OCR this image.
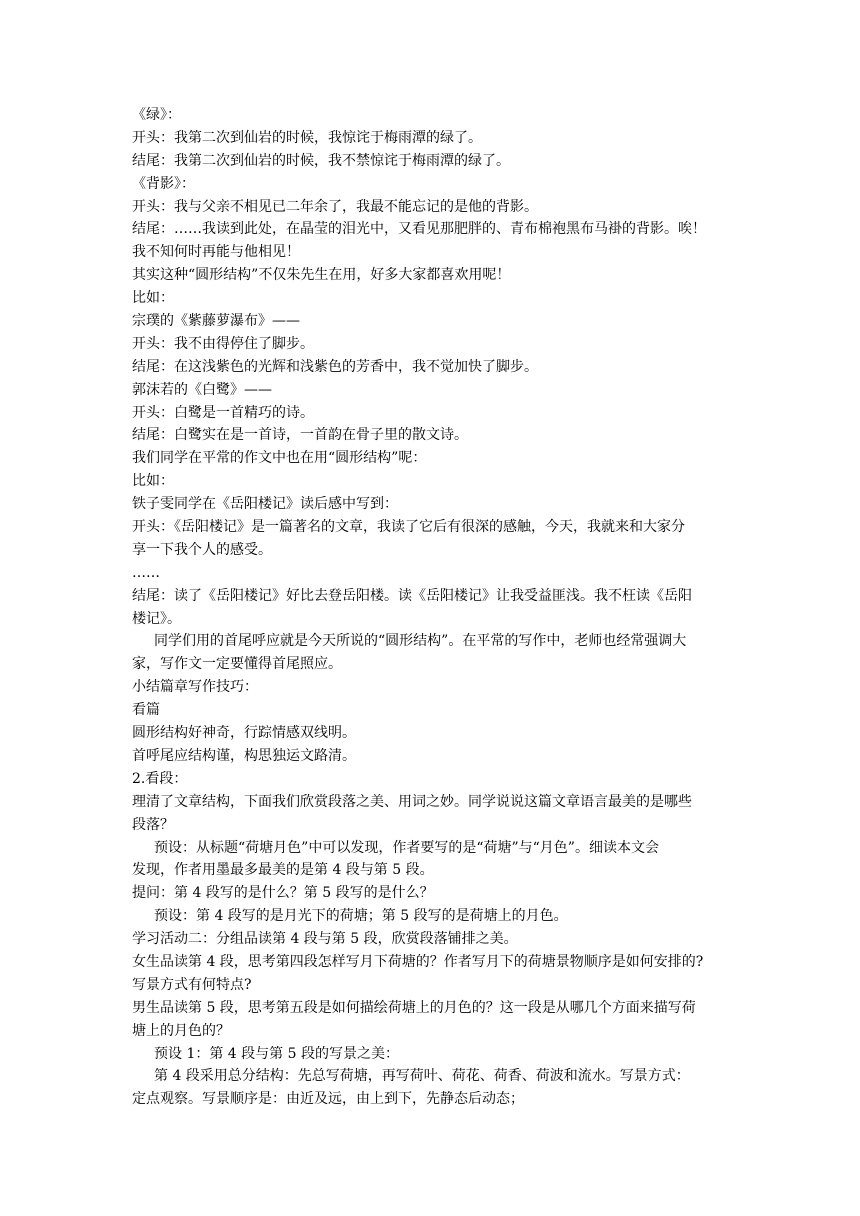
《绿》：
开头：我第二次到仙岩的时候，我惊诧于梅雨潭的绿了。
结尾：我第二次到仙岩的时候，我不禁惊诧于梅雨潭的绿了。
《背影》：
开头：我与父亲不相见已二年余了，我最不能忘记的是他的背影。
结尾：……我读到此处，在晶莹的泪光中，又看见那肥胖的、青布棉袍黑布马褂的背影。唉！
我不知何时再能与他相见！
其实这种“圆形结构”不仅朱先生在用，好多大家都喜欢用呢！
比如：
宗璞的《紫藤萝瀑布》——
开头：我不由得停住了脚步。
结尾：在这浅紫色的光辉和浅紫色的芳香中，我不觉加快了脚步。
郭沫若的《白鹭》——
开头：白鹭是一首精巧的诗。
结尾：白鹭实在是一首诗，一首韵在骨子里的散文诗。
我们同学在平常的作文中也在用“圆形结构”呢：
比如：
铁子雯同学在《岳阳楼记》读后感中写到：
开头：《岳阳楼记》是一篇著名的文章，我读了它后有很深的感触，今天，我就来和大家分
享一下我个人的感受。
……
结尾：读了《岳阳楼记》好比去登岳阳楼。读《岳阳楼记》让我受益匪浅。我不枉读《岳阳
楼记》。
同学们用的首尾呼应就是今天所说的“圆形结构”。在平常的写作中，老师也经常强调大
家，写作文一定要懂得首尾照应。
小结篇章写作技巧：
看篇
圆形结构好神奇，行踪情感双线明。
首呼尾应结构谨，构思独运文路清。
2.看段：
理清了文章结构，下面我们欣赏段落之美、用词之妙。同学说说这篇文章语言最美的是哪些
段落？
预设：从标题“荷塘月色”中可以发现，作者要写的是“荷塘”与“月色”。细读本文会
发现，作者用墨最多最美的是第 4 段与第 5 段。
提问：第 4 段写的是什么？第 5 段写的是什么？
预设：第 4 段写的是月光下的荷塘；第 5 段写的是荷塘上的月色。
学习活动二：分组品读第 4 段与第 5 段，欣赏段落铺排之美。
女生品读第 4 段，思考第四段怎样写月下荷塘的？作者写月下的荷塘景物顺序是如何安排的?
写景方式有何特点?
男生品读第 5 段，思考第五段是如何描绘荷塘上的月色的？这一段是从哪几个方面来描写荷
塘上的月色的？
预设 1：第 4 段与第 5 段的写景之美：
第 4 段采用总分结构：先总写荷塘，再写荷叶、荷花、荷香、荷波和流水。写景方式：
定点观察。写景顺序是：由近及远，由上到下，先静态后动态；
